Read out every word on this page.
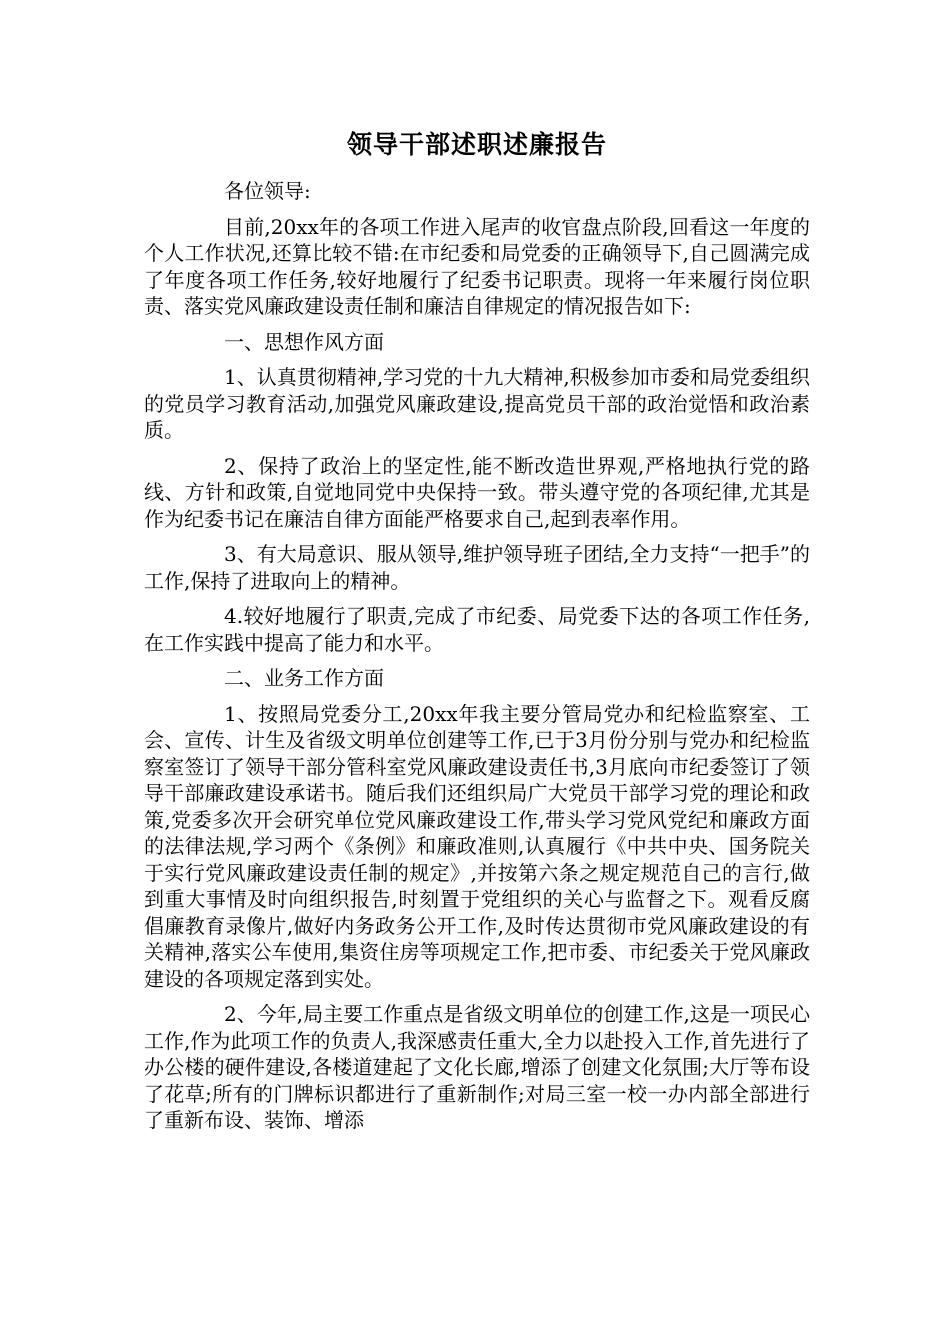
领导干部述职述廉报告
各位领导:
目前,20xx年的各项工作进入尾声的收官盘点阶段,回看这一年度的个人工作状况,还算比较不错:在市纪委和局党委的正确领导下,自己圆满完成了年度各项工作任务,较好地履行了纪委书记职责。现将一年来履行岗位职责、落实党风廉政建设责任制和廉洁自律规定的情况报告如下:
一、思想作风方面
1、认真贯彻精神,学习党的十九大精神,积极参加市委和局党委组织的党员学习教育活动,加强党风廉政建设,提高党员干部的政治觉悟和政治素质。
2、保持了政治上的坚定性,能不断改造世界观,严格地执行党的路线、方针和政策,自觉地同党中央保持一致。带头遵守党的各项纪律,尤其是作为纪委书记在廉洁自律方面能严格要求自己,起到表率作用。
3、有大局意识、服从领导,维护领导班子团结,全力支持“一把手”的工作,保持了进取向上的精神。
4.较好地履行了职责,完成了市纪委、局党委下达的各项工作任务,在工作实践中提高了能力和水平。
二、业务工作方面
1、按照局党委分工,20xx年我主要分管局党办和纪检监察室、工会、宣传、计生及省级文明单位创建等工作,已于3月份分别与党办和纪检监察室签订了领导干部分管科室党风廉政建设责任书,3月底向市纪委签订了领导干部廉政建设承诺书。随后我们还组织局广大党员干部学习党的理论和政策,党委多次开会研究单位党风廉政建设工作,带头学习党风党纪和廉政方面的法律法规,学习两个《条例》和廉政准则,认真履行《中共中央、国务院关于实行党风廉政建设责任制的规定》,并按第六条之规定规范自己的言行,做到重大事情及时向组织报告,时刻置于党组织的关心与监督之下。观看反腐倡廉教育录像片,做好内务政务公开工作,及时传达贯彻市党风廉政建设的有关精神,落实公车使用,集资住房等项规定工作,把市委、市纪委关于党风廉政建设的各项规定落到实处。
2、今年,局主要工作重点是省级文明单位的创建工作,这是一项民心工作,作为此项工作的负责人,我深感责任重大,全力以赴投入工作,首先进行了办公楼的硬件建设,各楼道建起了文化长廊,增添了创建文化氛围;大厅等布设了花草;所有的门牌标识都进行了重新制作;对局三室一校一办内部全部进行了重新布设、装饰、增添
